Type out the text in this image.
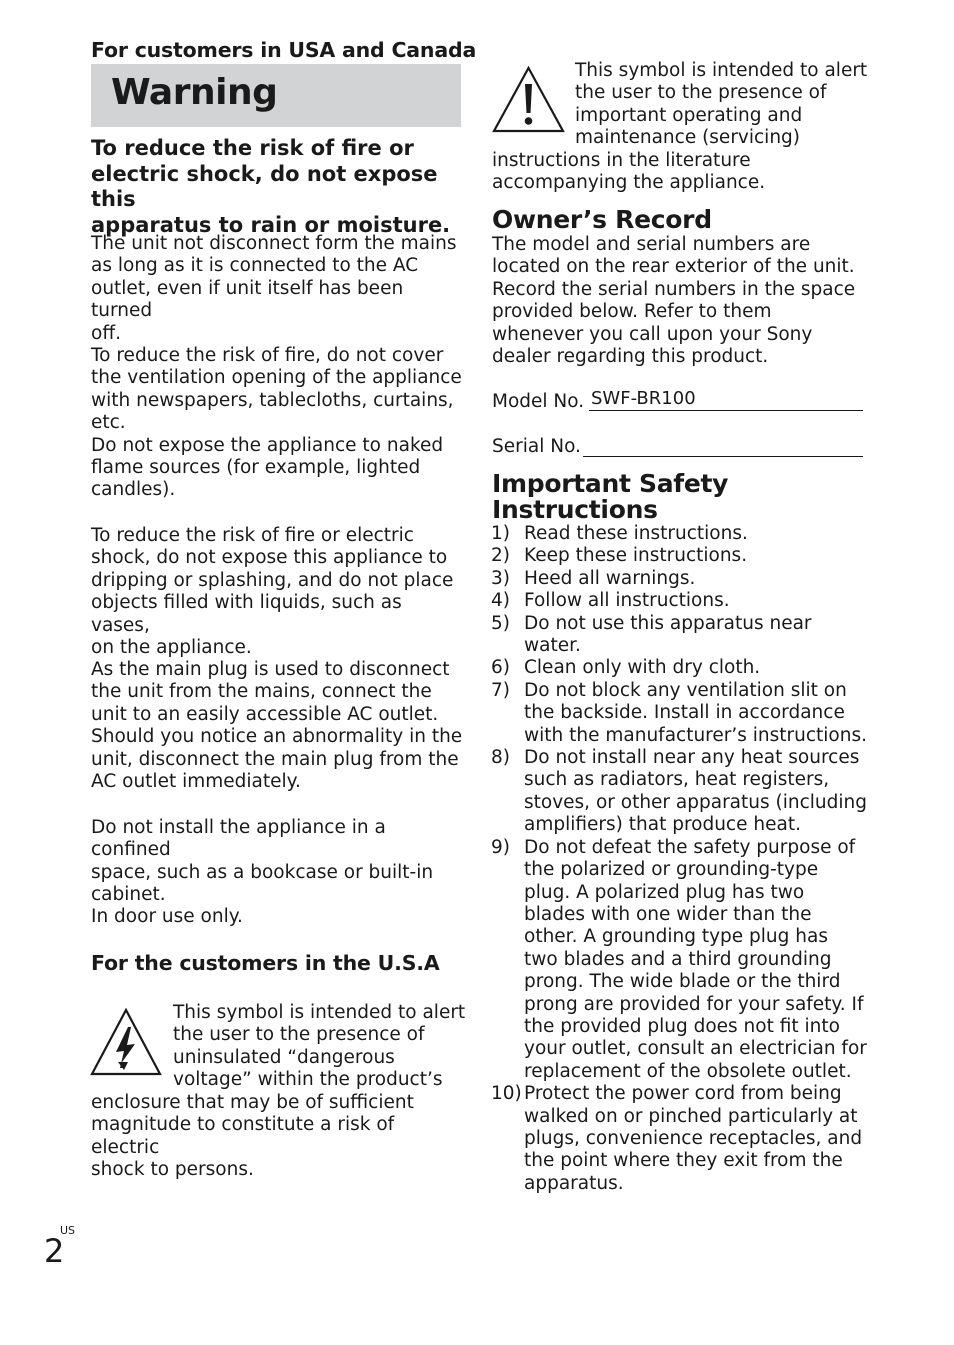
For customers in USA and Canada
Warning
To reduce the risk of fire or
electric shock, do not expose this
apparatus to rain or moisture.

The unit not disconnect form the mains
as long as it is connected to the AC
outlet, even if unit itself has been turned
off.

To reduce the risk of fire, do not cover
the ventilation opening of the appliance
with newspapers, tablecloths, curtains,
etc.
Do not expose the appliance to naked
flame sources (for example, lighted
candles).

To reduce the risk of fire or electric
shock, do not expose this appliance to
dripping or splashing, and do not place
objects filled with liquids, such as vases,
on the appliance.

As the main plug is used to disconnect
the unit from the mains, connect the
unit to an easily accessible AC outlet.
Should you notice an abnormality in the
unit, disconnect the main plug from the
AC outlet immediately.

Do not install the appliance in a confined
space, such as a bookcase or built-in
cabinet.

In door use only.

For the customers in the U.S.A

This symbol is intended to alert
the user to the presence of
uninsulated “dangerous
voltage” within the product’s

enclosure that may be of sufficient
magnitude to constitute a risk of electric
shock to persons.

This symbol is intended to alert
the user to the presence of
important operating and
maintenance (servicing)

instructions in the literature
accompanying the appliance.

Owner’s Record

The model and serial numbers are
located on the rear exterior of the unit.
Record the serial numbers in the space
provided below. Refer to them
whenever you call upon your Sony
dealer regarding this product.

Model No. SWF-BR100
Serial No.
Important Safety
Instructions
1) Read these instructions.
2) Keep these instructions.
3) Heed all warnings.
4) Follow all instructions.
5) Do not use this apparatus near
water.
6) Clean only with dry cloth.
7) Do not block any ventilation slit on
the backside. Install in accordance
with the manufacturer’s instructions.
8) Do not install near any heat sources
such as radiators, heat registers,
stoves, or other apparatus (including
amplifiers) that produce heat.
9) Do not defeat the safety purpose of
the polarized or grounding-type
plug. A polarized plug has two
blades with one wider than the
other. A grounding type plug has
two blades and a third grounding
prong. The wide blade or the third
prong are provided for your safety. If
the provided plug does not fit into
your outlet, consult an electrician for
replacement of the obsolete outlet.
10) Protect the power cord from being
walked on or pinched particularly at
plugs, convenience receptacles, and
the point where they exit from the
apparatus.
US
2
